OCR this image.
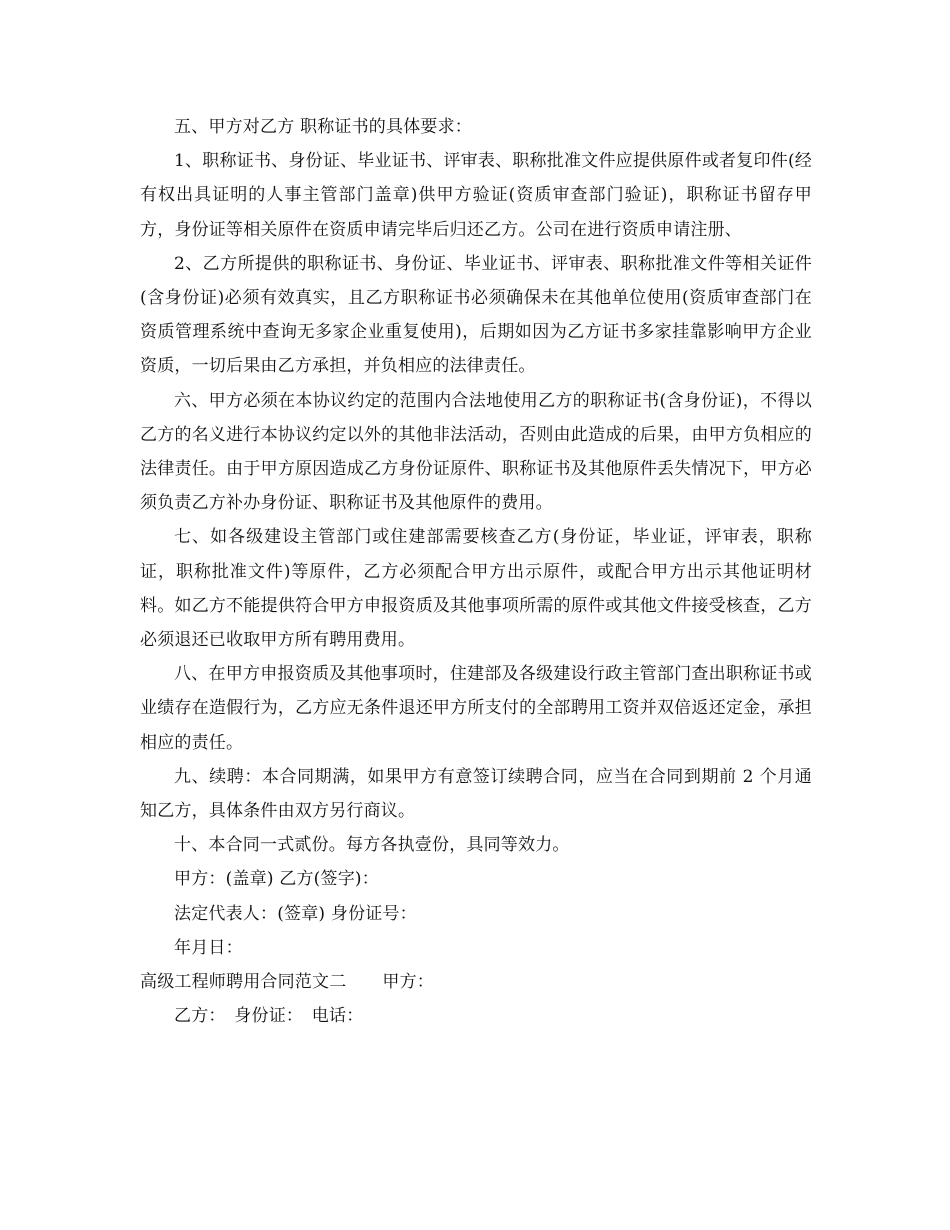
五、甲方对乙方 职称证书的具体要求：

1、职称证书、身份证、毕业证书、评审表、职称批准文件应提供原件或者复印件(经有权出具证明的人事主管部门盖章)供甲方验证(资质审查部门验证)，职称证书留存甲方，身份证等相关原件在资质申请完毕后归还乙方。公司在进行资质申请注册、

2、乙方所提供的职称证书、身份证、毕业证书、评审表、职称批准文件等相关证件(含身份证)必须有效真实，且乙方职称证书必须确保未在其他单位使用(资质审查部门在资质管理系统中查询无多家企业重复使用)，后期如因为乙方证书多家挂靠影响甲方企业资质，一切后果由乙方承担，并负相应的法律责任。

六、甲方必须在本协议约定的范围内合法地使用乙方的职称证书(含身份证)，不得以乙方的名义进行本协议约定以外的其他非法活动，否则由此造成的后果，由甲方负相应的法律责任。由于甲方原因造成乙方身份证原件、职称证书及其他原件丢失情况下，甲方必须负责乙方补办身份证、职称证书及其他原件的费用。

七、如各级建设主管部门或住建部需要核查乙方(身份证，毕业证，评审表，职称证，职称批准文件)等原件，乙方必须配合甲方出示原件，或配合甲方出示其他证明材料。如乙方不能提供符合甲方申报资质及其他事项所需的原件或其他文件接受核查，乙方必须退还已收取甲方所有聘用费用。

八、在甲方申报资质及其他事项时，住建部及各级建设行政主管部门查出职称证书或业绩存在造假行为，乙方应无条件退还甲方所支付的全部聘用工资并双倍返还定金，承担相应的责任。

九、续聘：本合同期满，如果甲方有意签订续聘合同，应当在合同到期前 2 个月通知乙方，具体条件由双方另行商议。

十、本合同一式贰份。每方各执壹份，具同等效力。

甲方：(盖章) 乙方(签字)：

法定代表人：(签章) 身份证号：

年月日：

高级工程师聘用合同范文二 甲方：

乙方：　身份证：　电话：
